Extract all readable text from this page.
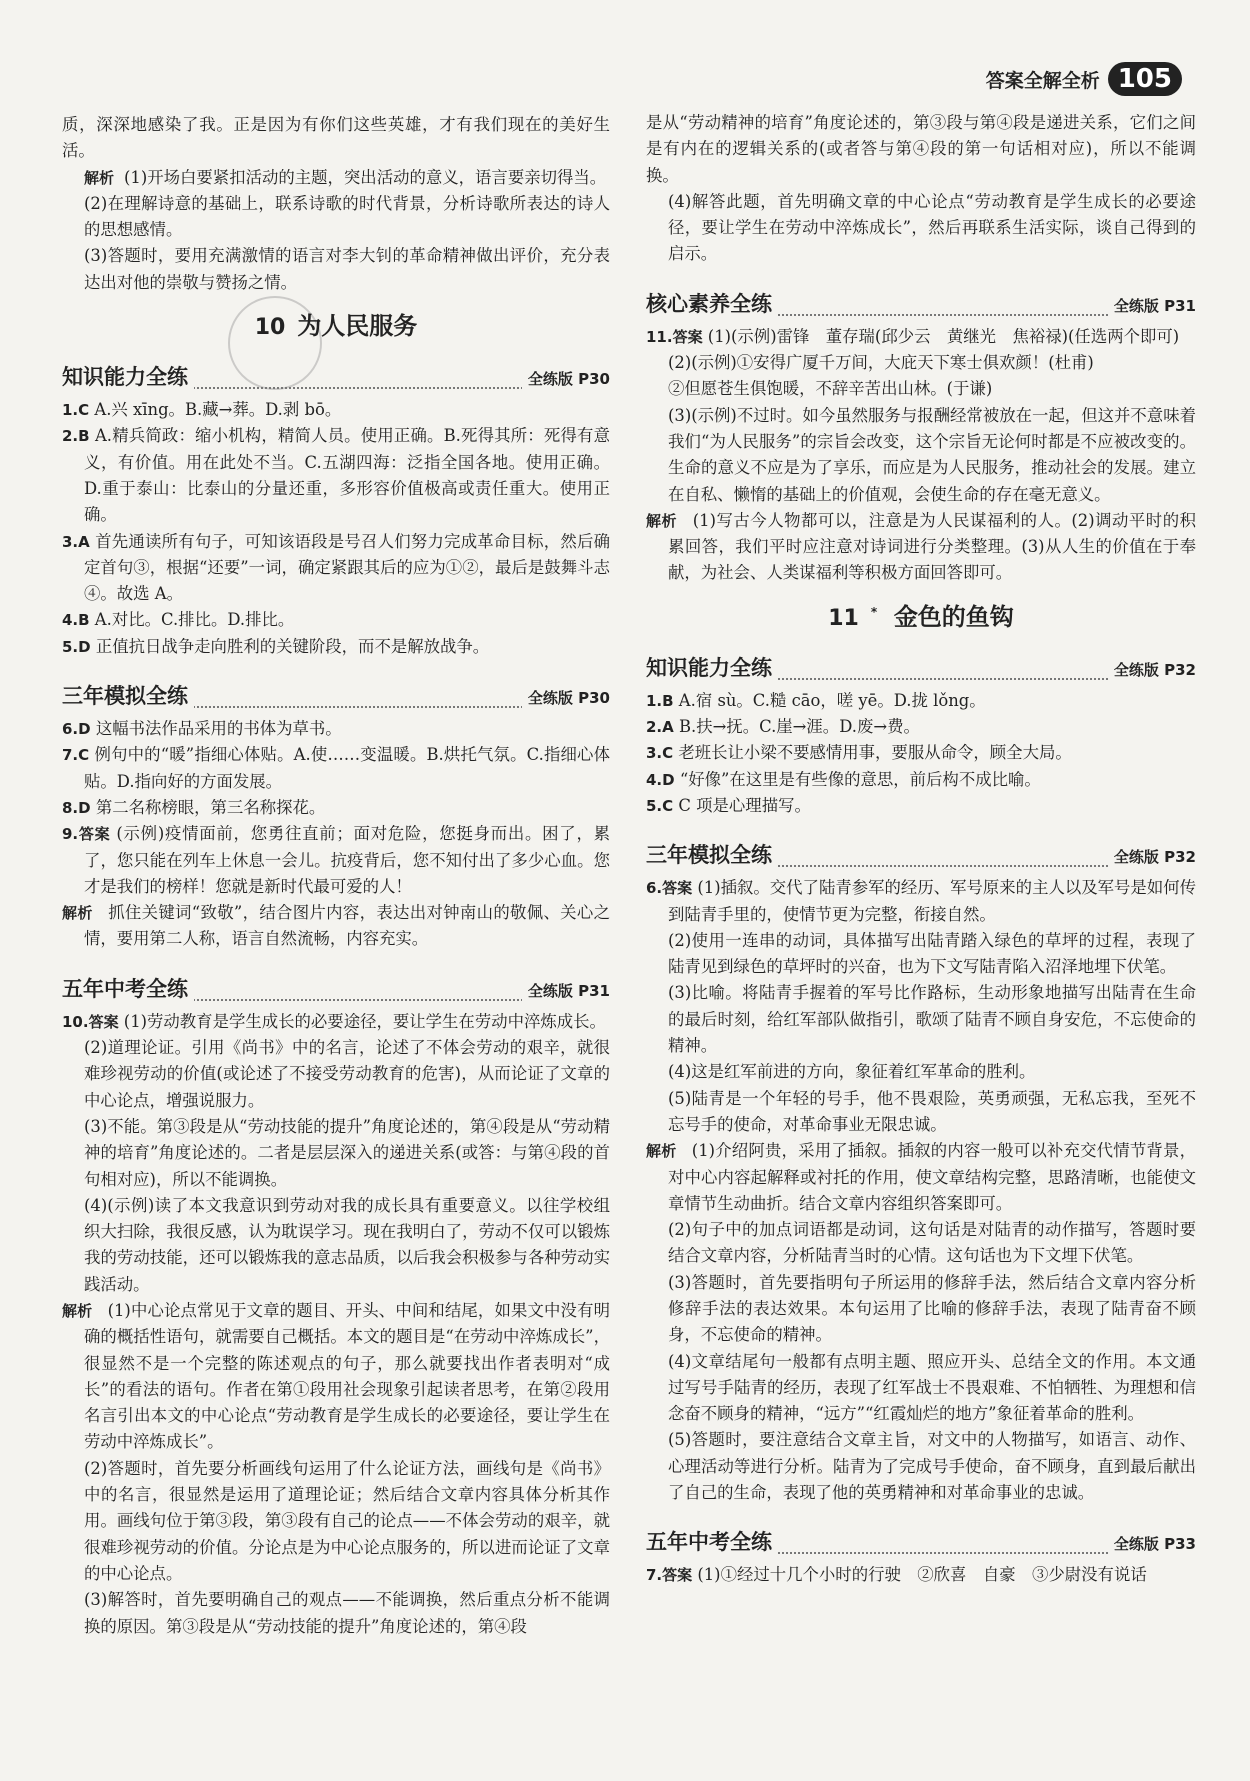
答案全解全析 105

质，深深地感染了我。正是因为有你们这些英雄，才有我们现在的美好生活。

解析 (1)开场白要紧扣活动的主题，突出活动的意义，语言要亲切得当。

(2)在理解诗意的基础上，联系诗歌的时代背景，分析诗歌所表达的诗人的思想感情。

(3)答题时，要用充满激情的语言对李大钊的革命精神做出评价，充分表达出对他的崇敬与赞扬之情。

10 为人民服务
知识能力全练	全练版 P30

1.C A.兴 xīng。B.藏→葬。D.剥 bō。

2.B A.精兵简政：缩小机构，精简人员。使用正确。B.死得其所：死得有意义，有价值。用在此处不当。C.五湖四海：泛指全国各地。使用正确。D.重于泰山：比泰山的分量还重，多形容价值极高或责任重大。使用正确。

3.A 首先通读所有句子，可知该语段是号召人们努力完成革命目标，然后确定首句③，根据“还要”一词，确定紧跟其后的应为①②，最后是鼓舞斗志④。故选 A。

4.B A.对比。C.排比。D.排比。

5.D 正值抗日战争走向胜利的关键阶段，而不是解放战争。

三年模拟全练	全练版 P30

6.D 这幅书法作品采用的书体为草书。

7.C 例句中的“暖”指细心体贴。A.使……变温暖。B.烘托气氛。C.指细心体贴。D.指向好的方面发展。

8.D 第二名称榜眼，第三名称探花。

9.答案 (示例)疫情面前，您勇往直前；面对危险，您挺身而出。困了，累了，您只能在列车上休息一会儿。抗疫背后，您不知付出了多少心血。您才是我们的榜样！您就是新时代最可爱的人！

解析 抓住关键词“致敬”，结合图片内容，表达出对钟南山的敬佩、关心之情，要用第二人称，语言自然流畅，内容充实。

五年中考全练	全练版 P31

10.答案 (1)劳动教育是学生成长的必要途径，要让学生在劳动中淬炼成长。

(2)道理论证。引用《尚书》中的名言，论述了不体会劳动的艰辛，就很难珍视劳动的价值(或论述了不接受劳动教育的危害)，从而论证了文章的中心论点，增强说服力。

(3)不能。第③段是从“劳动技能的提升”角度论述的，第④段是从“劳动精神的培育”角度论述的。二者是层层深入的递进关系(或答：与第④段的首句相对应)，所以不能调换。

(4)(示例)读了本文我意识到劳动对我的成长具有重要意义。以往学校组织大扫除，我很反感，认为耽误学习。现在我明白了，劳动不仅可以锻炼我的劳动技能，还可以锻炼我的意志品质，以后我会积极参与各种劳动实践活动。

解析 (1)中心论点常见于文章的题目、开头、中间和结尾，如果文中没有明确的概括性语句，就需要自己概括。本文的题目是“在劳动中淬炼成长”，很显然不是一个完整的陈述观点的句子，那么就要找出作者表明对“成长”的看法的语句。作者在第①段用社会现象引起读者思考，在第②段用名言引出本文的中心论点“劳动教育是学生成长的必要途径，要让学生在劳动中淬炼成长”。

(2)答题时，首先要分析画线句运用了什么论证方法，画线句是《尚书》中的名言，很显然是运用了道理论证；然后结合文章内容具体分析其作用。画线句位于第③段，第③段有自己的论点——不体会劳动的艰辛，就很难珍视劳动的价值。分论点是为中心论点服务的，所以进而论证了文章的中心论点。

(3)解答时，首先要明确自己的观点——不能调换，然后重点分析不能调换的原因。第③段是从“劳动技能的提升”角度论述的，第④段

是从“劳动精神的培育”角度论述的，第③段与第④段是递进关系，它们之间是有内在的逻辑关系的(或者答与第④段的第一句话相对应)，所以不能调换。

(4)解答此题，首先明确文章的中心论点“劳动教育是学生成长的必要途径，要让学生在劳动中淬炼成长”，然后再联系生活实际，谈自己得到的启示。

核心素养全练	全练版 P31

11.答案 (1)(示例)雷锋　董存瑞(邱少云　黄继光　焦裕禄)(任选两个即可)

(2)(示例)①安得广厦千万间，大庇天下寒士俱欢颜！(杜甫)

②但愿苍生俱饱暖，不辞辛苦出山林。(于谦)

(3)(示例)不过时。如今虽然服务与报酬经常被放在一起，但这并不意味着我们“为人民服务”的宗旨会改变，这个宗旨无论何时都是不应被改变的。生命的意义不应是为了享乐，而应是为人民服务，推动社会的发展。建立在自私、懒惰的基础上的价值观，会使生命的存在毫无意义。

解析 (1)写古今人物都可以，注意是为人民谋福利的人。(2)调动平时的积累回答，我们平时应注意对诗词进行分类整理。(3)从人生的价值在于奉献，为社会、人类谋福利等积极方面回答即可。

11 * 金色的鱼钩
知识能力全练	全练版 P32

1.B A.宿 sù。C.糙 cāo，嗟 yē。D.拢 lǒng。

2.A B.扶→抚。C.崖→涯。D.废→费。

3.C 老班长让小梁不要感情用事，要服从命令，顾全大局。

4.D “好像”在这里是有些像的意思，前后构不成比喻。

5.C C 项是心理描写。

三年模拟全练	全练版 P32

6.答案 (1)插叙。交代了陆青参军的经历、军号原来的主人以及军号是如何传到陆青手里的，使情节更为完整，衔接自然。

(2)使用一连串的动词，具体描写出陆青踏入绿色的草坪的过程，表现了陆青见到绿色的草坪时的兴奋，也为下文写陆青陷入沼泽地埋下伏笔。

(3)比喻。将陆青手握着的军号比作路标，生动形象地描写出陆青在生命的最后时刻，给红军部队做指引，歌颂了陆青不顾自身安危，不忘使命的精神。

(4)这是红军前进的方向，象征着红军革命的胜利。

(5)陆青是一个年轻的号手，他不畏艰险，英勇顽强，无私忘我，至死不忘号手的使命，对革命事业无限忠诚。

解析 (1)介绍阿贵，采用了插叙。插叙的内容一般可以补充交代情节背景，对中心内容起解释或衬托的作用，使文章结构完整，思路清晰，也能使文章情节生动曲折。结合文章内容组织答案即可。

(2)句子中的加点词语都是动词，这句话是对陆青的动作描写，答题时要结合文章内容，分析陆青当时的心情。这句话也为下文埋下伏笔。

(3)答题时，首先要指明句子所运用的修辞手法，然后结合文章内容分析修辞手法的表达效果。本句运用了比喻的修辞手法，表现了陆青奋不顾身，不忘使命的精神。

(4)文章结尾句一般都有点明主题、照应开头、总结全文的作用。本文通过写号手陆青的经历，表现了红军战士不畏艰难、不怕牺牲、为理想和信念奋不顾身的精神，“远方”“红霞灿烂的地方”象征着革命的胜利。

(5)答题时，要注意结合文章主旨，对文中的人物描写，如语言、动作、心理活动等进行分析。陆青为了完成号手使命，奋不顾身，直到最后献出了自己的生命，表现了他的英勇精神和对革命事业的忠诚。

五年中考全练	全练版 P33

7.答案 (1)①经过十几个小时的行驶　②欣喜　自豪　③少尉没有说话
